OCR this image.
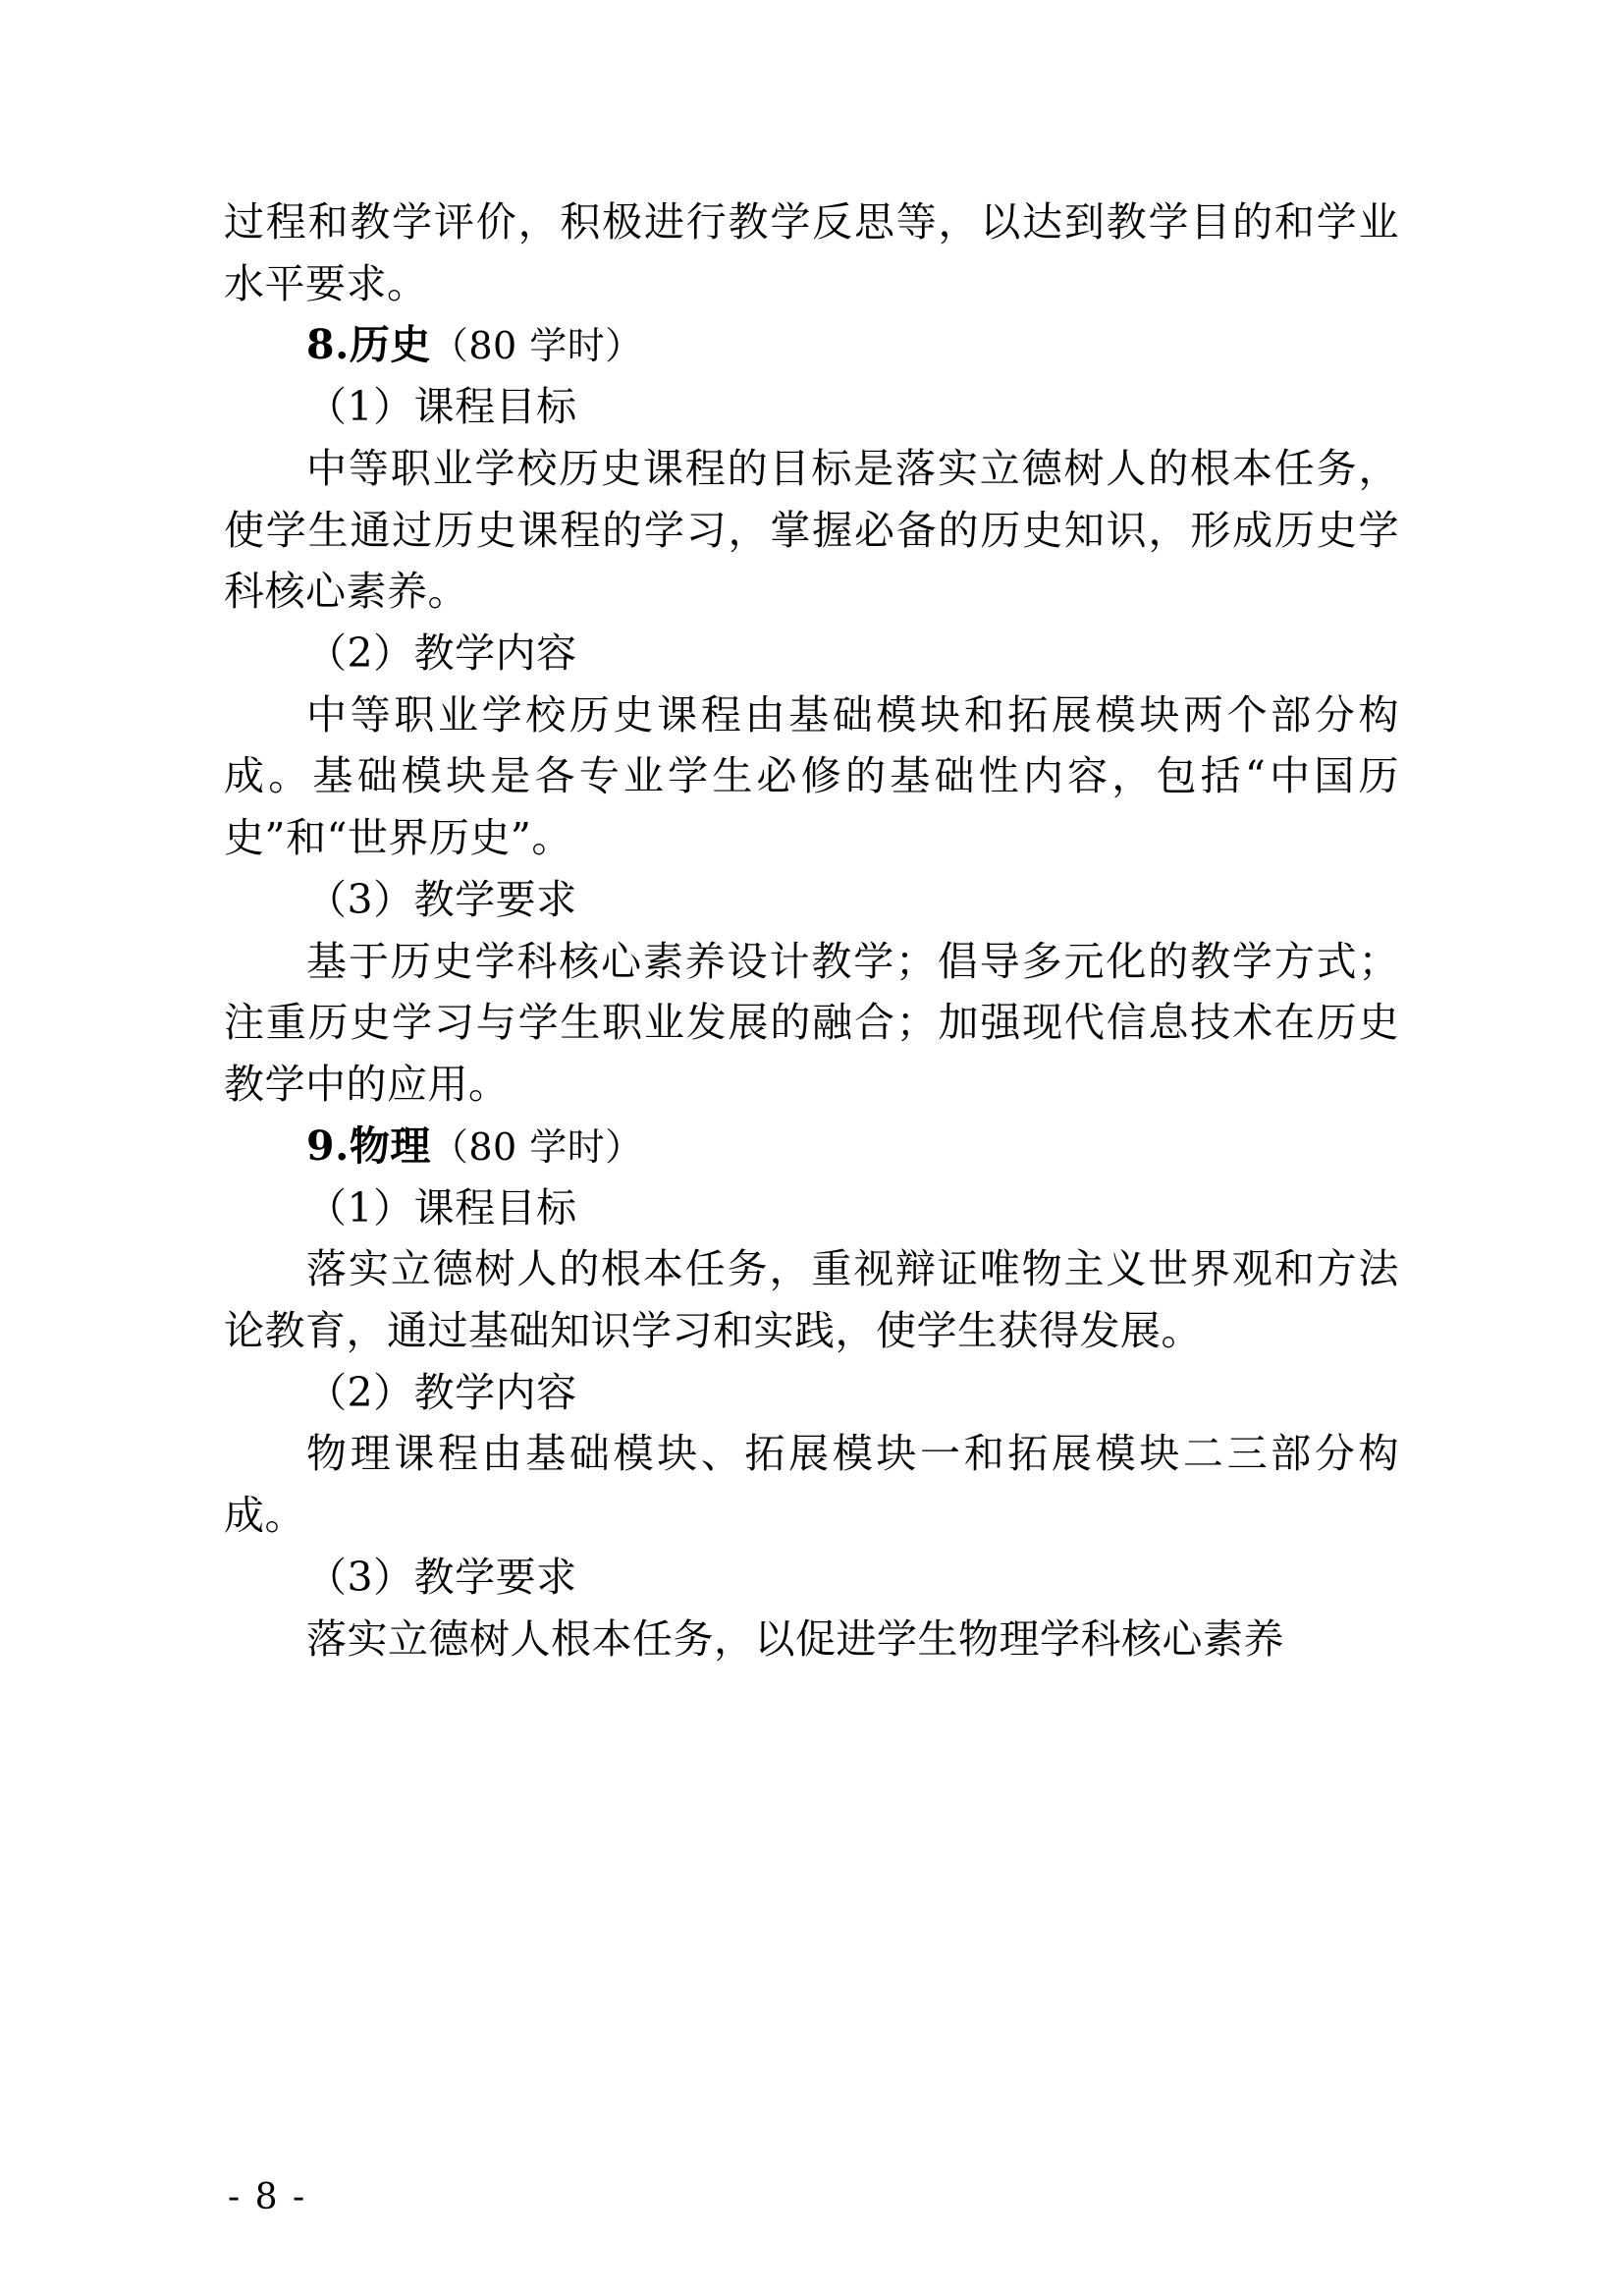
过程和教学评价，积极进行教学反思等，以达到教学目的和学业水平要求。

8.历史（80 学时）

（1）课程目标

中等职业学校历史课程的目标是落实立德树人的根本任务，使学生通过历史课程的学习，掌握必备的历史知识，形成历史学科核心素养。

（2）教学内容

中等职业学校历史课程由基础模块和拓展模块两个部分构成。基础模块是各专业学生必修的基础性内容，包括“中国历史”和“世界历史”。

（3）教学要求

基于历史学科核心素养设计教学；倡导多元化的教学方式；注重历史学习与学生职业发展的融合；加强现代信息技术在历史教学中的应用。

9.物理（80 学时）

（1）课程目标

落实立德树人的根本任务，重视辩证唯物主义世界观和方法论教育，通过基础知识学习和实践，使学生获得发展。

（2）教学内容

物理课程由基础模块、拓展模块一和拓展模块二三部分构成。

（3）教学要求

落实立德树人根本任务，以促进学生物理学科核心素养

- 8 -
